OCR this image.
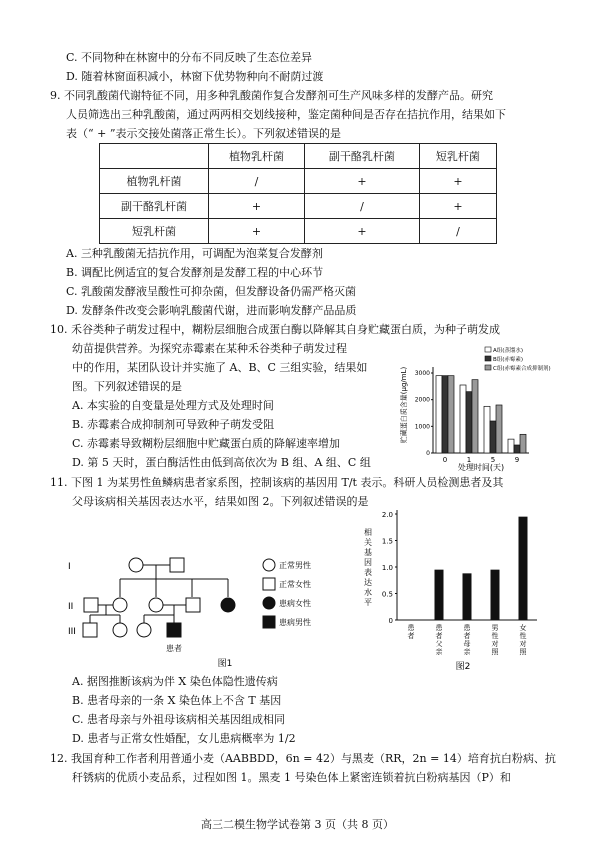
C. 不同物种在林窗中的分布不同反映了生态位差异
D. 随着林窗面积减小，林窗下优势物种向不耐荫过渡
9. 不同乳酸菌代谢特征不同，用多种乳酸菌作复合发酵剂可生产风味多样的发酵产品。研究
人员筛选出三种乳酸菌，通过两两相交划线接种，鉴定菌种间是否存在拮抗作用，结果如下
表（“ + ”表示交接处菌落正常生长）。下列叙述错误的是
	植物乳杆菌	副干酪乳杆菌	短乳杆菌
植物乳杆菌	/	+	+
副干酪乳杆菌	+	/	+
短乳杆菌	+	+	/
A. 三种乳酸菌无拮抗作用，可调配为泡菜复合发酵剂
B. 调配比例适宜的复合发酵剂是发酵工程的中心环节
C. 乳酸菌发酵液呈酸性可抑杂菌，但发酵设备仍需严格灭菌
D. 发酵条件改变会影响乳酸菌代谢，进而影响发酵产品品质
10. 禾谷类种子萌发过程中，糊粉层细胞合成蛋白酶以降解其自身贮藏蛋白质，为种子萌发成
幼苗提供营养。为探究赤霉素在某种禾谷类种子萌发过程
中的作用，某团队设计并实施了 A、B、C 三组实验，结果如
图。下列叙述错误的是
A. 本实验的自变量是处理方式及处理时间
B. 赤霉素合成抑制剂可导致种子萌发受阻
C. 赤霉素导致糊粉层细胞中贮藏蛋白质的降解速率增加
D. 第 5 天时，蛋白酶活性由低到高依次为 B 组、A 组、C 组
0
1000
2000
3000
0	1	5	9
A组(蒸馏水)
B组(赤霉素)
C组(赤霉素合成抑制剂)
贮藏蛋白质含量(μg/mL)
处理时间(天)
11. 下图 1 为某男性鱼鳞病患者家系图，控制该病的基因用 T/t 表示。科研人员检测患者及其
父母该病相关基因表达水平，结果如图 2。下列叙述错误的是
I
II
III
患者
正常男性
正常女性
患病女性
患病男性
图1
0
0.5
1.0
1.5
2.0
患者
患者父亲
患者母亲
男性对照
女性对照
相关基因表达水平
图2
A. 据图推断该病为伴 X 染色体隐性遗传病
B. 患者母亲的一条 X 染色体上不含 T 基因
C. 患者母亲与外祖母该病相关基因组成相同
D. 患者与正常女性婚配，女儿患病概率为 1/2
12. 我国育种工作者利用普通小麦（AABBDD，6n = 42）与黑麦（RR，2n = 14）培育抗白粉病、抗
秆锈病的优质小麦品系，过程如图 1。黑麦 1 号染色体上紧密连锁着抗白粉病基因（P）和
高三二模生物学试卷第 3 页（共 8 页）
